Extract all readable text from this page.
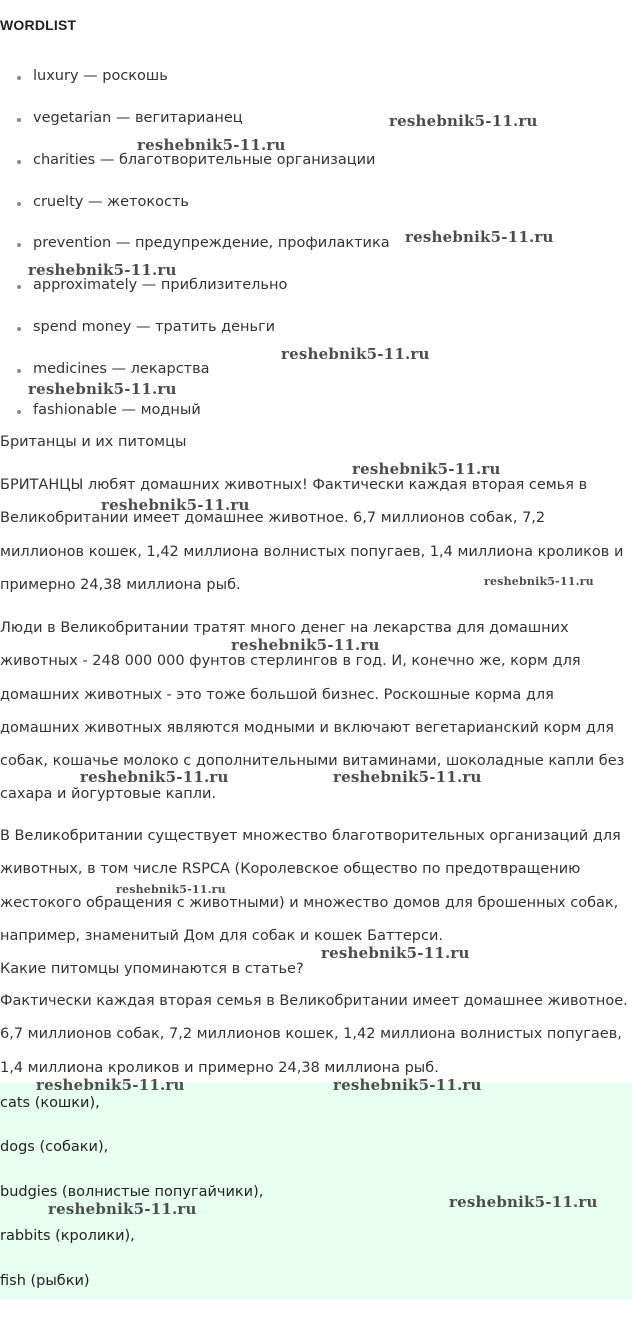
WORDLIST
luxury — роскошь
vegetarian — вегитарианец
charities — благотворительные организации
cruelty — жетокость
prevention — предупреждение, профилактика
approximately — приблизительно
spend money — тратить деньги
medicines — лекарства
fashionable — модный
Британцы и их питомцы

БРИТАНЦЫ любят домашних животных! Фактически каждая вторая семья в Великобритании имеет домашнее животное. 6,7 миллионов собак, 7,2 миллионов кошек, 1,42 миллиона волнистых попугаев, 1,4 миллиона кроликов и примерно 24,38 миллиона рыб.

Люди в Великобритании тратят много денег на лекарства для домашних животных - 248 000 000 фунтов стерлингов в год. И, конечно же, корм для домашних животных - это тоже большой бизнес. Роскошные корма для домашних животных являются модными и включают вегетарианский корм для собак, кошачье молоко с дополнительными витаминами, шоколадные капли без сахара и йогуртовые капли.

В Великобритании существует множество благотворительных организаций для животных, в том числе RSPCA (Королевское общество по предотвращению жестокого обращения с животными) и множество домов для брошенных собак, например, знаменитый Дом для собак и кошек Баттерси.

Какие питомцы упоминаются в статье?

Фактически каждая вторая семья в Великобритании имеет домашнее животное. 6,7 миллионов собак, 7,2 миллионов кошек, 1,42 миллиона волнистых попугаев, 1,4 миллиона кроликов и примерно 24,38 миллиона рыб.

cats (кошки),
dogs (собаки),
budgies (волнистые попугайчики),
rabbits (кролики),
fish (рыбки)
reshebnik5-11.ru
reshebnik5-11.ru
reshebnik5-11.ru
reshebnik5-11.ru
reshebnik5-11.ru
reshebnik5-11.ru
reshebnik5-11.ru
reshebnik5-11.ru
reshebnik5-11.ru
reshebnik5-11.ru
reshebnik5-11.ru	reshebnik5-11.ru
reshebnik5-11.ru
reshebnik5-11.ru
reshebnik5-11.ru	reshebnik5-11.ru
reshebnik5-11.ru
reshebnik5-11.ru
